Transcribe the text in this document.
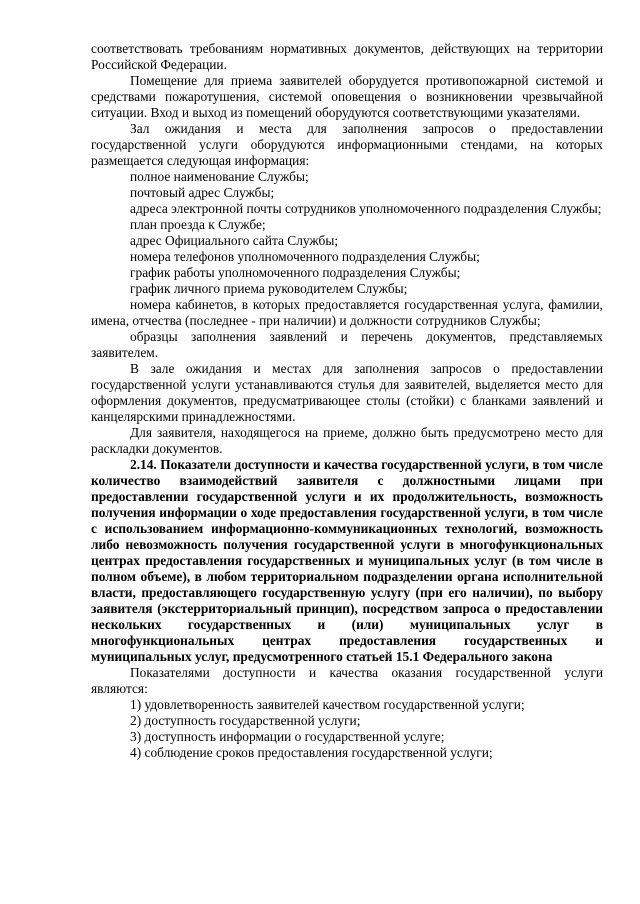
соответствовать требованиям нормативных документов, действующих на территории Российской Федерации.

Помещение для приема заявителей оборудуется противопожарной системой и средствами пожаротушения, системой оповещения о возникновении чрезвычайной ситуации. Вход и выход из помещений оборудуются соответствующими указателями.

Зал ожидания и места для заполнения запросов о предоставлении государственной услуги оборудуются информационными стендами, на которых размещается следующая информация:

полное наименование Службы;

почтовый адрес Службы;

адреса электронной почты сотрудников уполномоченного подразделения Службы;

план проезда к Службе;

адрес Официального сайта Службы;

номера телефонов уполномоченного подразделения Службы;

график работы уполномоченного подразделения Службы;

график личного приема руководителем Службы;

номера кабинетов, в которых предоставляется государственная услуга, фамилии, имена, отчества (последнее - при наличии) и должности сотрудников Службы;

образцы заполнения заявлений и перечень документов, представляемых заявителем.

В зале ожидания и местах для заполнения запросов о предоставлении государственной услуги устанавливаются стулья для заявителей, выделяется место для оформления документов, предусматривающее столы (стойки) с бланками заявлений и канцелярскими принадлежностями.

Для заявителя, находящегося на приеме, должно быть предусмотрено место для раскладки документов.

2.14. Показатели доступности и качества государственной услуги, в том числе количество взаимодействий заявителя с должностными лицами при предоставлении государственной услуги и их продолжительность, возможность получения информации о ходе предоставления государственной услуги, в том числе с использованием информационно-коммуникационных технологий, возможность либо невозможность получения государственной услуги в многофункциональных центрах предоставления государственных и муниципальных услуг (в том числе в полном объеме), в любом территориальном подразделении органа исполнительной власти, предоставляющего государственную услугу (при его наличии), по выбору заявителя (экстерриториальный принцип), посредством запроса о предоставлении нескольких государственных и (или) муниципальных услуг в многофункциональных центрах предоставления государственных и муниципальных услуг, предусмотренного статьей 15.1 Федерального закона

Показателями доступности и качества оказания государственной услуги являются:

1) удовлетворенность заявителей качеством государственной услуги;

2) доступность государственной услуги;

3) доступность информации о государственной услуге;

4) соблюдение сроков предоставления государственной услуги;
